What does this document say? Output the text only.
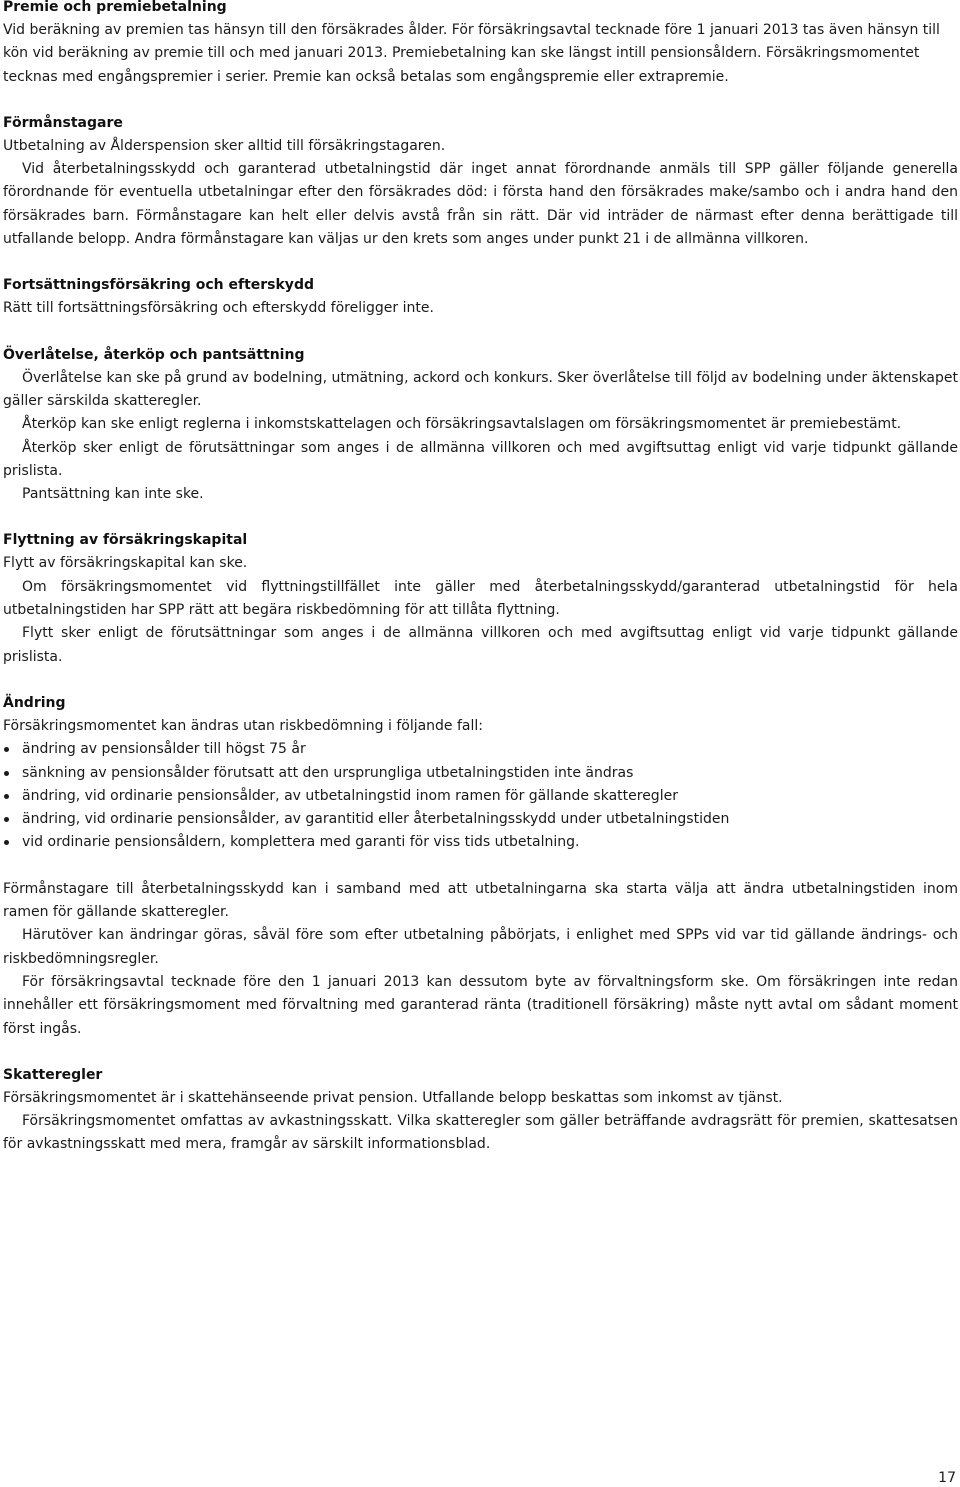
Premie och premiebetalning

Vid beräkning av premien tas hänsyn till den försäkrades ålder. För försäkringsavtal tecknade före 1 januari 2013 tas även hänsyn till kön vid beräkning av premie till och med januari 2013. Premiebetalning kan ske längst intill pensionsåldern. Försäkringsmomentet tecknas med engångspremier i serier. Premie kan också betalas som engångspremie eller extrapremie.

Förmånstagare

Utbetalning av Ålderspension sker alltid till försäkringstagaren.

Vid återbetalningsskydd och garanterad utbetalningstid där inget annat förordnande anmäls till SPP gäller följande generella förordnande för eventuella utbetalningar efter den försäkrades död: i första hand den försäkrades make/sambo och i andra hand den försäkrades barn. Förmånstagare kan helt eller delvis avstå från sin rätt. Där vid inträder de närmast efter denna berättigade till utfallande belopp. Andra förmånstagare kan väljas ur den krets som anges under punkt 21 i de allmänna villkoren.

Fortsättningsförsäkring och efterskydd

Rätt till fortsättningsförsäkring och efterskydd föreligger inte.

Överlåtelse, återköp och pantsättning

Överlåtelse kan ske på grund av bodelning, utmätning, ackord och konkurs. Sker överlåtelse till följd av bodelning under äktenskapet gäller särskilda skatteregler.

Återköp kan ske enligt reglerna i inkomstskattelagen och försäkringsavtalslagen om försäkringsmomentet är premiebestämt.

Återköp sker enligt de förutsättningar som anges i de allmänna villkoren och med avgiftsuttag enligt vid varje tidpunkt gällande prislista.

Pantsättning kan inte ske.

Flyttning av försäkringskapital

Flytt av försäkringskapital kan ske.

Om försäkringsmomentet vid flyttningstillfället inte gäller med återbetalningsskydd/garanterad utbetalningstid för hela utbetalningstiden har SPP rätt att begära riskbedömning för att tillåta flyttning.

Flytt sker enligt de förutsättningar som anges i de allmänna villkoren och med avgiftsuttag enligt vid varje tidpunkt gällande prislista.

Ändring

Försäkringsmomentet kan ändras utan riskbedömning i följande fall:

ändring av pensionsålder till högst 75 år
sänkning av pensionsålder förutsatt att den ursprungliga utbetalningstiden inte ändras
ändring, vid ordinarie pensionsålder, av utbetalningstid inom ramen för gällande skatteregler
ändring, vid ordinarie pensionsålder, av garantitid eller återbetalningsskydd under utbetalningstiden
vid ordinarie pensionsåldern, komplettera med garanti för viss tids utbetalning.

Förmånstagare till återbetalningsskydd kan i samband med att utbetalningarna ska starta välja att ändra utbetalningstiden inom ramen för gällande skatteregler.

Härutöver kan ändringar göras, såväl före som efter utbetalning påbörjats, i enlighet med SPPs vid var tid gällande ändrings- och riskbedömningsregler.

För försäkringsavtal tecknade före den 1 januari 2013 kan dessutom byte av förvaltningsform ske. Om försäkringen inte redan innehåller ett försäkringsmoment med förvaltning med garanterad ränta (traditionell försäkring) måste nytt avtal om sådant moment först ingås.

Skatteregler

Försäkringsmomentet är i skattehänseende privat pension. Utfallande belopp beskattas som inkomst av tjänst.

Försäkringsmomentet omfattas av avkastningsskatt. Vilka skatteregler som gäller beträffande avdragsrätt för premien, skattesatsen för avkastningsskatt med mera, framgår av särskilt informationsblad.

17
